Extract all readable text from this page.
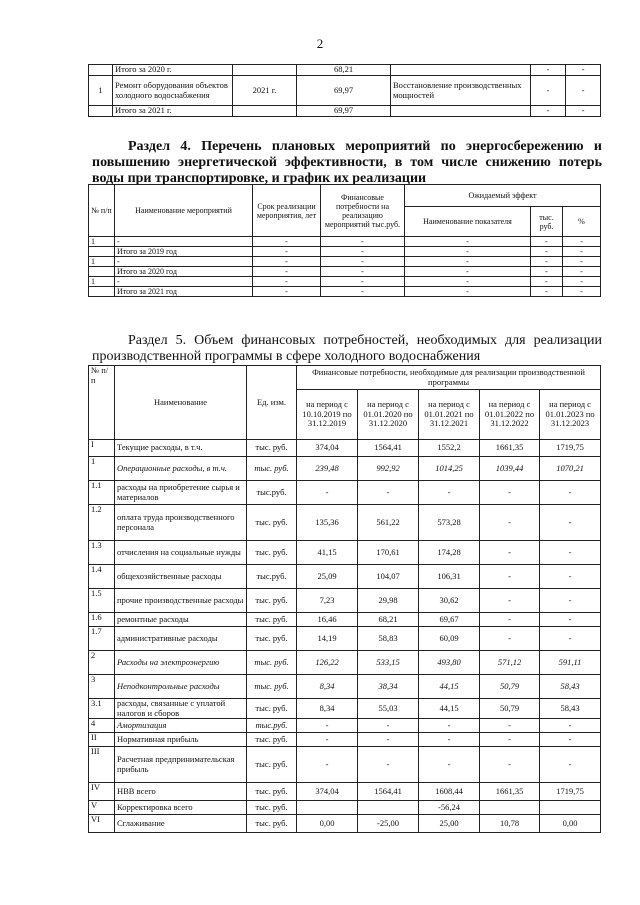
2
	Итого за 2020 г.		68,21		-	-
1	Ремонт оборудования объектов холодного водоснабжения	2021 г.	69,97	Восстановление производственных мощностей	-	-
	Итого за 2021 г.		69,97		-	-
Раздел 4. Перечень плановых мероприятий по энергосбережению и повышению энергетической эффективности, в том числе снижению потерь воды при транспортировке, и график их реализации
№ п/п	Наименование мероприятий	Срок реализации мероприятия, лет	Финансовые потребности на реализацию мероприятий тыс.руб.	Ожидаемый эффект		
				Наименование показателя	тыс. руб.	%
1	-	-	-	-	-	-
	Итого за 2019 год	-	-	-	-	-
1	-	-	-	-	-	-
	Итого за 2020 год	-	-	-	-	-
1	-	-	-	-	-	-
	Итого за 2021 год	-	-	-	-	-
Раздел 5. Объем финансовых потребностей, необходимых для реализации производственной программы в сфере холодного водоснабжения
№ п/п	Наименование	Ед. изм.	Финансовые потребности, необходимые для реализации производственной программы				
			на период с 10.10.2019 по 31.12.2019	на период с 01.01.2020 по 31.12.2020	на период с 01.01.2021 по 31.12.2021	на период с 01.01.2022 по 31.12.2022	на период с 01.01.2023 по 31.12.2023
I	Текущие расходы, в т.ч.	тыс. руб.	374,04	1564,41	1552,2	1661,35	1719,75
1	Операционные расходы, в т.ч.	тыс. руб.	239,48	992,92	1014,25	1039,44	1070,21
1.1	расходы на приобретение сырья и материалов	тыс.руб.	-	-	-	-	-
1.2	оплата труда производственного персонала	тыс. руб.	135,36	561,22	573,28	-	-
1.3	отчисления на социальные нужды	тыс. руб.	41,15	170,61	174,28	-	-
1.4	общехозяйственные расходы	тыс.руб.	25,09	104,07	106,31	-	-
1.5	прочие производственные расходы	тыс. руб.	7,23	29,98	30,62	-	-
1.6	ремонтные расходы	тыс. руб.	16,46	68,21	69,67	-	-
1.7	административные расходы	тыс. руб.	14,19	58,83	60,09	-	-
2	Расходы на электроэнергию	тыс. руб.	126,22	533,15	493,80	571,12	591,11
3	Неподконтрольные расходы	тыс. руб.	8,34	38,34	44,15	50,79	58,43
3.1	расходы, связанные с уплатой налогов и сборов	тыс. руб.	8,34	55,03	44,15	50,79	58,43
4	Амортизация	тыс.руб.	-	-	-	-	-
II	Нормативная прибыль	тыс. руб.	-	-	-	-	-
III	Расчетная предпринимательская прибыль	тыс. руб.	-	-	-	-	-
IV	НВВ всего	тыс. руб.	374,04	1564,41	1608,44	1661,35	1719,75
V	Корректировка всего	тыс. руб.			-56,24		
VI	Сглаживание	тыс. руб.	0,00	-25,00	25,00	10,78	0,00
